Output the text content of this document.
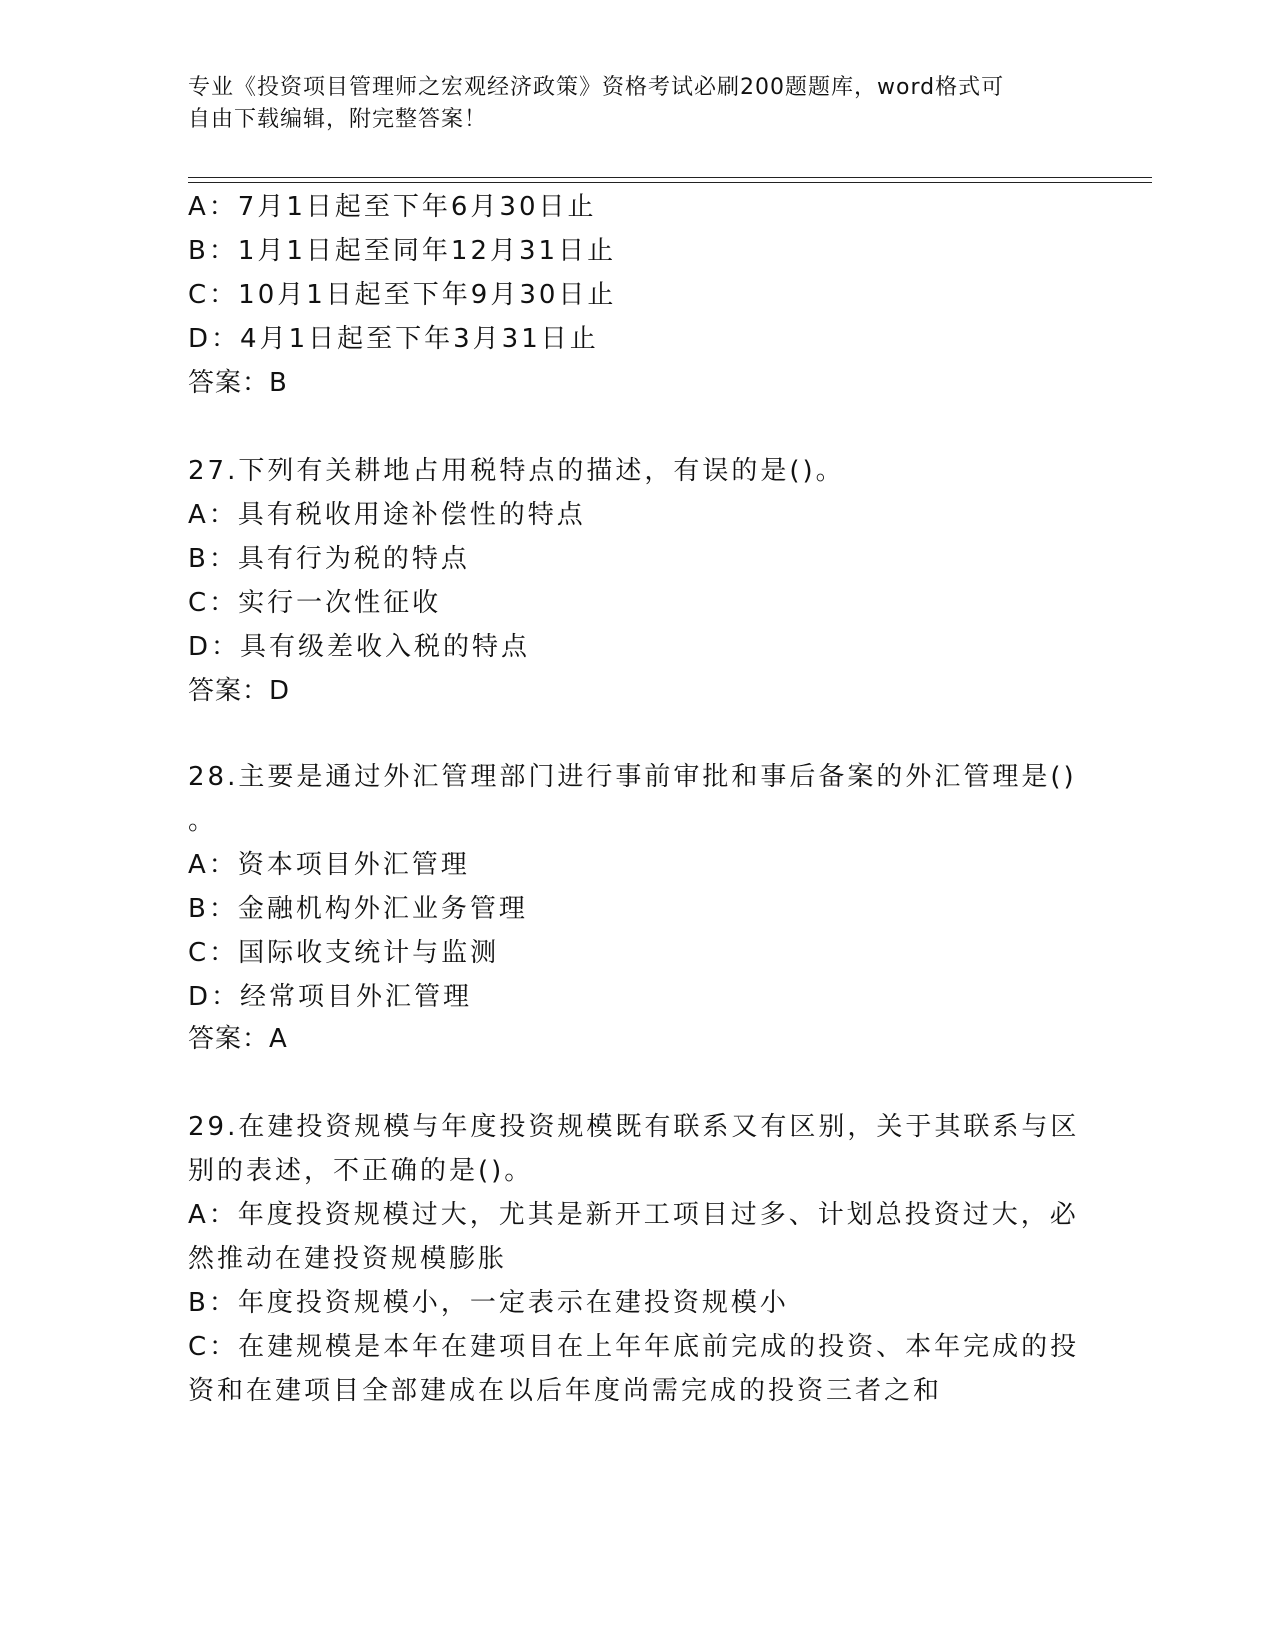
专业《投资项目管理师之宏观经济政策》资格考试必刷200题题库，word格式可
自由下载编辑，附完整答案！
A：7月1日起至下年6月30日止
B：1月1日起至同年12月31日止
C：10月1日起至下年9月30日止
D：4月1日起至下年3月31日止
答案：B
27.下列有关耕地占用税特点的描述，有误的是()。
A：具有税收用途补偿性的特点
B：具有行为税的特点
C：实行一次性征收
D：具有级差收入税的特点
答案：D
28.主要是通过外汇管理部门进行事前审批和事后备案的外汇管理是()
。
A：资本项目外汇管理
B：金融机构外汇业务管理
C：国际收支统计与监测
D：经常项目外汇管理
答案：A
29.在建投资规模与年度投资规模既有联系又有区别，关于其联系与区
别的表述，不正确的是()。
A：年度投资规模过大，尤其是新开工项目过多、计划总投资过大，必
然推动在建投资规模膨胀
B：年度投资规模小，一定表示在建投资规模小
C：在建规模是本年在建项目在上年年底前完成的投资、本年完成的投
资和在建项目全部建成在以后年度尚需完成的投资三者之和
